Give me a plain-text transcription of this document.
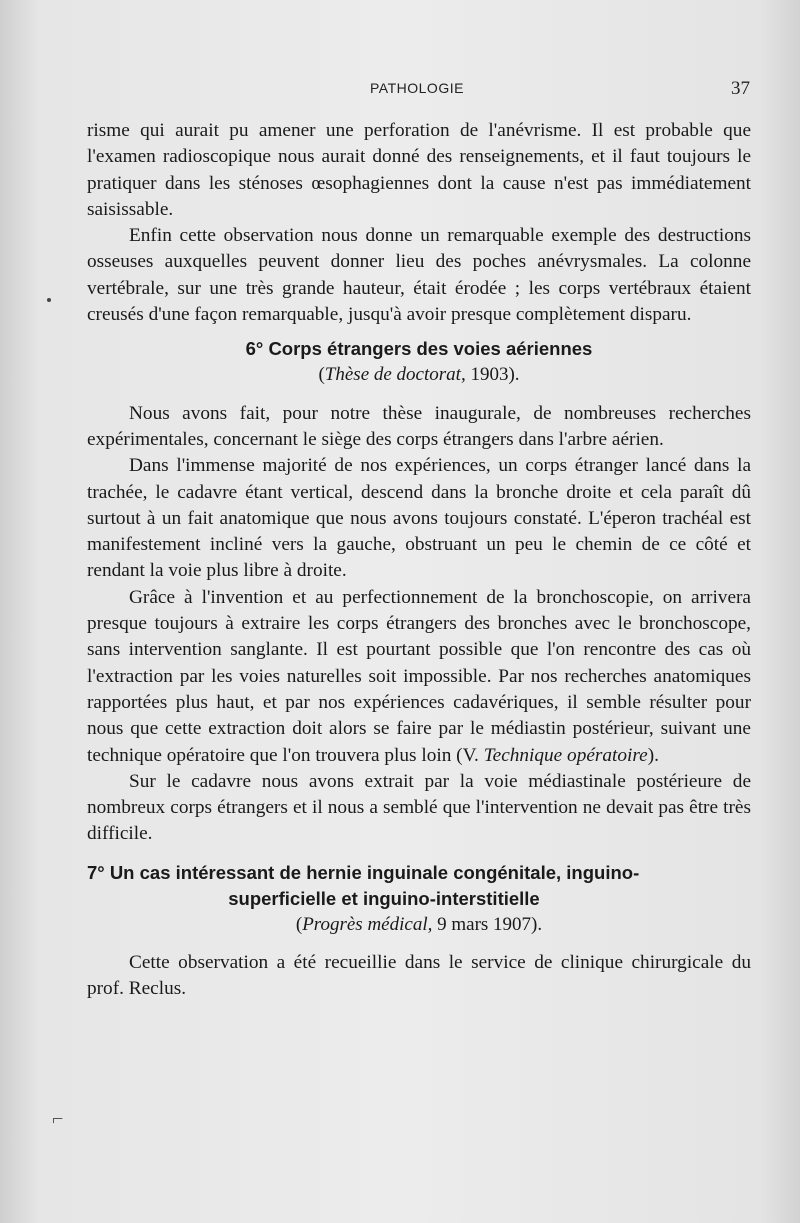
PATHOLOGIE	37

risme qui aurait pu amener une perforation de l'anévrisme. Il est probable que l'examen radioscopique nous aurait donné des renseignements, et il faut toujours le pratiquer dans les sténoses œsophagiennes dont la cause n'est pas immédiatement saisissable.

Enfin cette observation nous donne un remarquable exemple des destructions osseuses auxquelles peuvent donner lieu des poches anévrysmales. La colonne vertébrale, sur une très grande hauteur, était érodée ; les corps vertébraux étaient creusés d'une façon remarquable, jusqu'à avoir presque complètement disparu.

6° Corps étrangers des voies aériennes
(Thèse de doctorat, 1903).

Nous avons fait, pour notre thèse inaugurale, de nombreuses recherches expérimentales, concernant le siège des corps étrangers dans l'arbre aérien.

Dans l'immense majorité de nos expériences, un corps étranger lancé dans la trachée, le cadavre étant vertical, descend dans la bronche droite et cela paraît dû surtout à un fait anatomique que nous avons toujours constaté. L'éperon trachéal est manifestement incliné vers la gauche, obstruant un peu le chemin de ce côté et rendant la voie plus libre à droite.

Grâce à l'invention et au perfectionnement de la bronchoscopie, on arrivera presque toujours à extraire les corps étrangers des bronches avec le bronchoscope, sans intervention sanglante. Il est pourtant possible que l'on rencontre des cas où l'extraction par les voies naturelles soit impossible. Par nos recherches anatomiques rapportées plus haut, et par nos expériences cadavériques, il semble résulter pour nous que cette extraction doit alors se faire par le médiastin postérieur, suivant une technique opératoire que l'on trouvera plus loin (V. Technique opératoire).

Sur le cadavre nous avons extrait par la voie médiastinale postérieure de nombreux corps étrangers et il nous a semblé que l'intervention ne devait pas être très difficile.

7° Un cas intéressant de hernie inguinale congénitale, inguino-
superficielle et inguino-interstitielle
(Progrès médical, 9 mars 1907).

Cette observation a été recueillie dans le service de clinique chirurgicale du prof. Reclus.

⌐
